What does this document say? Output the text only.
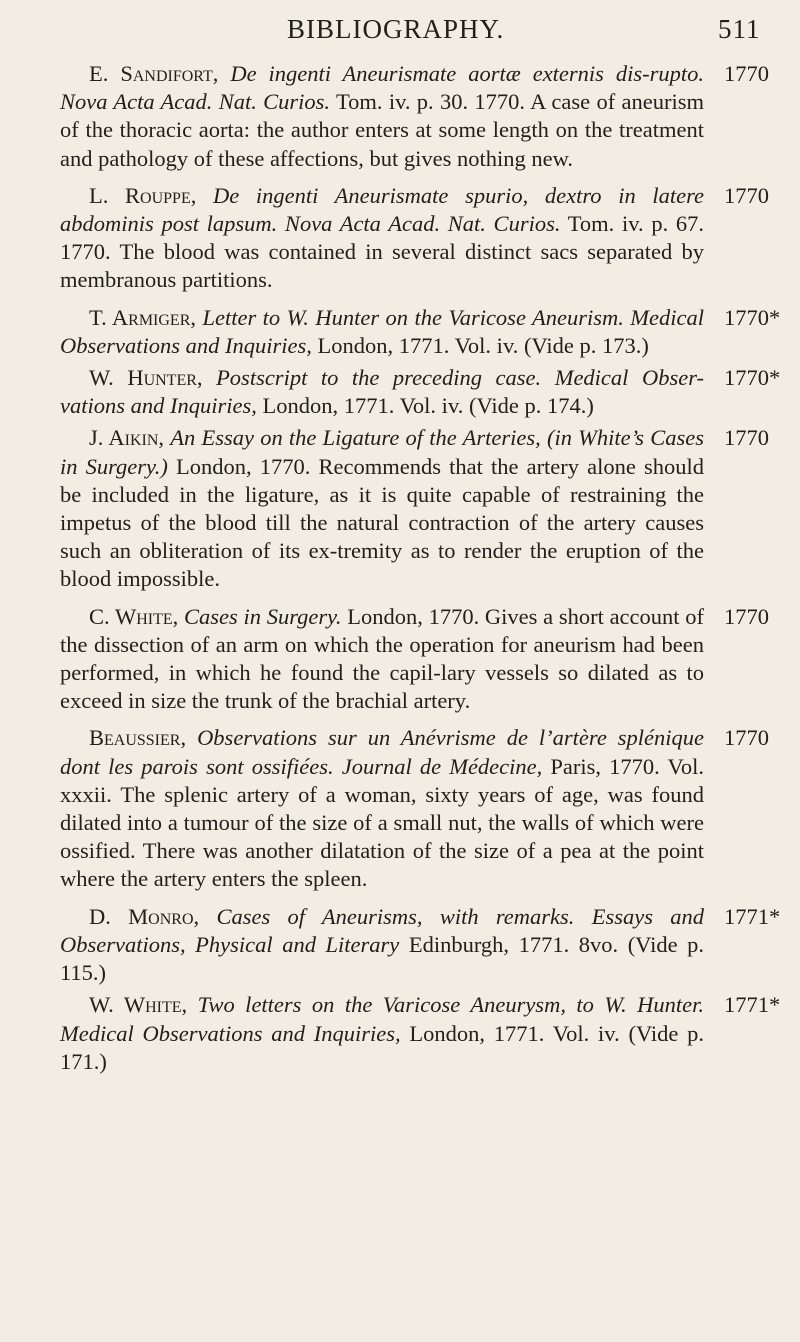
BIBLIOGRAPHY.	511

E. Sandifort, De ingenti Aneurismate aortæ externis dis-rupto. Nova Acta Acad. Nat. Curios. Tom. iv. p. 30. 1770. A case of aneurism of the thoracic aorta: the author enters at some length on the treatment and pathology of these affections, but gives nothing new.

1770

L. Rouppe, De ingenti Aneurismate spurio, dextro in latere abdominis post lapsum. Nova Acta Acad. Nat. Curios. Tom. iv. p. 67. 1770. The blood was contained in several distinct sacs separated by membranous partitions.

1770

T. Armiger, Letter to W. Hunter on the Varicose Aneurism. Medical Observations and Inquiries, London, 1771. Vol. iv. (Vide p. 173.)

1770*

W. Hunter, Postscript to the preceding case. Medical Obser-vations and Inquiries, London, 1771. Vol. iv. (Vide p. 174.)

1770*

J. Aikin, An Essay on the Ligature of the Arteries, (in White’s Cases in Surgery.) London, 1770. Recommends that the artery alone should be included in the ligature, as it is quite capable of restraining the impetus of the blood till the natural contraction of the artery causes such an obliteration of its ex-tremity as to render the eruption of the blood impossible.

1770

C. White, Cases in Surgery. London, 1770. Gives a short account of the dissection of an arm on which the operation for aneurism had been performed, in which he found the capil-lary vessels so dilated as to exceed in size the trunk of the brachial artery.

1770

Beaussier, Observations sur un Anévrisme de l’artère splénique dont les parois sont ossifiées. Journal de Médecine, Paris, 1770. Vol. xxxii. The splenic artery of a woman, sixty years of age, was found dilated into a tumour of the size of a small nut, the walls of which were ossified. There was another dilatation of the size of a pea at the point where the artery enters the spleen.

1770

D. Monro, Cases of Aneurisms, with remarks. Essays and Observations, Physical and Literary Edinburgh, 1771. 8vo. (Vide p. 115.)

1771*

W. White, Two letters on the Varicose Aneurysm, to W. Hunter. Medical Observations and Inquiries, London, 1771. Vol. iv. (Vide p. 171.)

1771*
